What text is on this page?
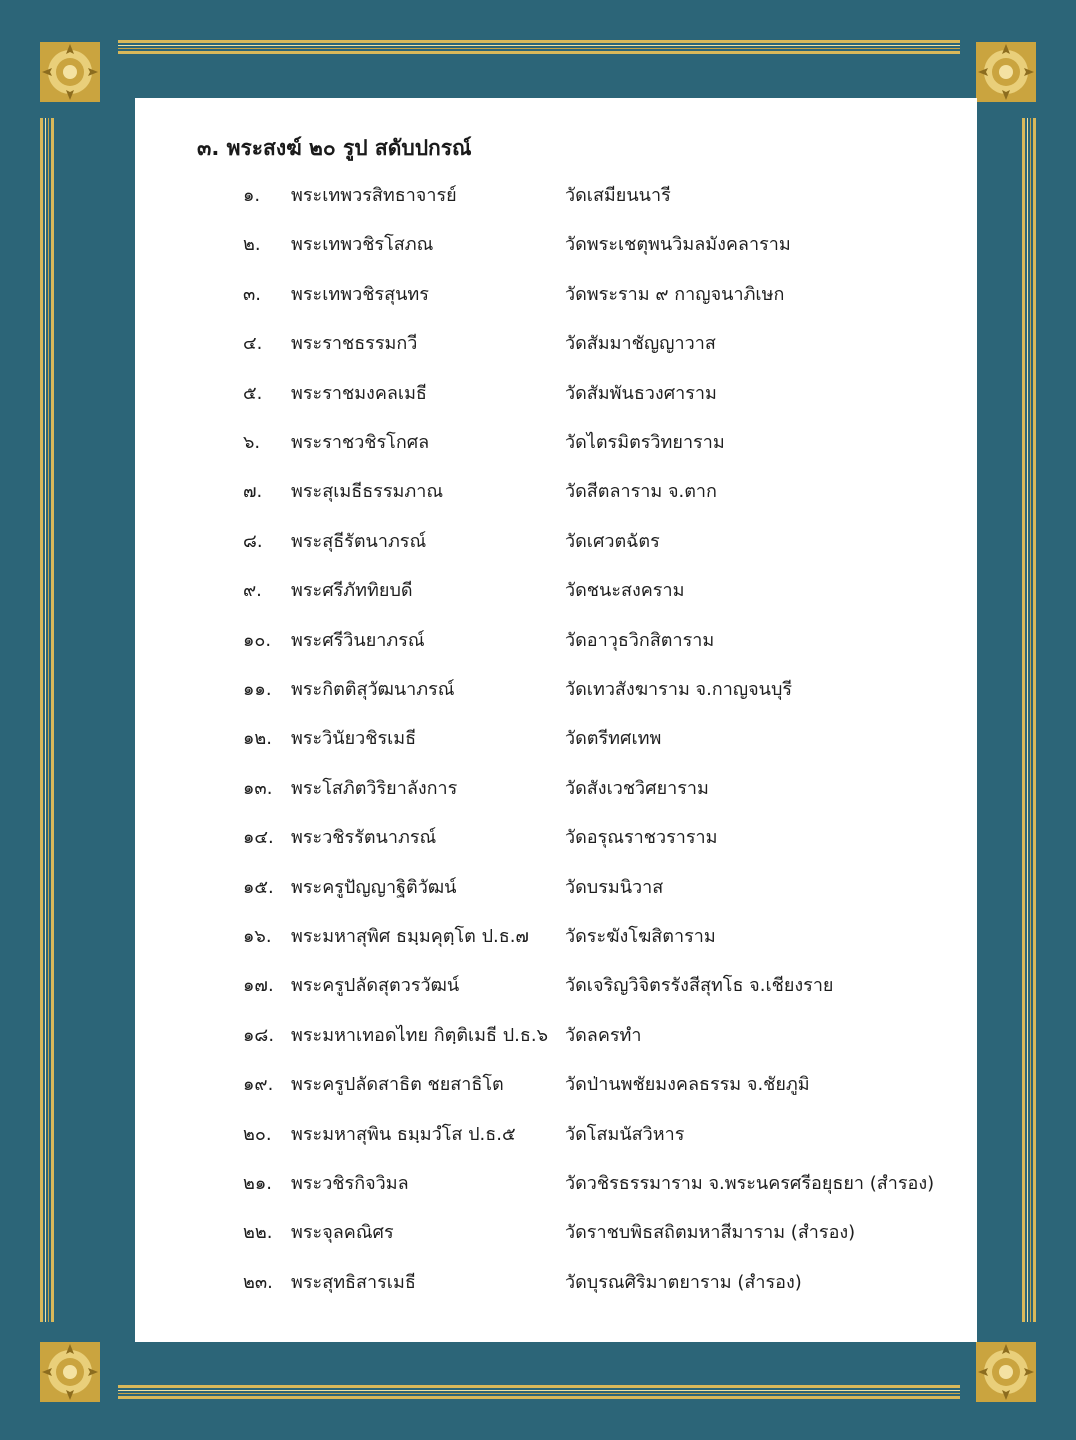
๓. พระสงฆ์ ๒๐ รูป สดับปกรณ์
๑. พระเทพวรสิทธาจารย์	วัดเสมียนนารี
๒. พระเทพวชิรโสภณ	วัดพระเชตุพนวิมลมังคลาราม
๓. พระเทพวชิรสุนทร	วัดพระราม ๙ กาญจนาภิเษก
๔. พระราชธรรมกวี	วัดสัมมาชัญญาวาส
๕. พระราชมงคลเมธี	วัดสัมพันธวงศาราม
๖. พระราชวชิรโกศล	วัดไตรมิตรวิทยาราม
๗. พระสุเมธีธรรมภาณ	วัดสีตลาราม จ.ตาก
๘. พระสุธีรัตนาภรณ์	วัดเศวตฉัตร
๙. พระศรีภัททิยบดี	วัดชนะสงคราม
๑๐. พระศรีวินยาภรณ์	วัดอาวุธวิกสิตาราม
๑๑. พระกิตติสุวัฒนาภรณ์	วัดเทวสังฆาราม จ.กาญจนบุรี
๑๒. พระวินัยวชิรเมธี	วัดตรีทศเทพ
๑๓. พระโสภิตวิริยาลังการ	วัดสังเวชวิศยาราม
๑๔. พระวชิรรัตนาภรณ์	วัดอรุณราชวราราม
๑๕. พระครูปัญญาฐิติวัฒน์	วัดบรมนิวาส
๑๖. พระมหาสุพิศ ธมฺมคุตฺโต ป.ธ.๗ วัดระฆังโฆสิตาราม
๑๗. พระครูปลัดสุตวรวัฒน์	วัดเจริญวิจิตรรังสีสุทโธ จ.เชียงราย
๑๘. พระมหาเทอดไทย กิตฺติเมธี ป.ธ.๖ วัดลครทำ
๑๙. พระครูปลัดสาธิต ชยสาธิโต	วัดป่านพชัยมงคลธรรม จ.ชัยภูมิ
๒๐. พระมหาสุพิน ธมฺมวํโส ป.ธ.๕	วัดโสมนัสวิหาร
๒๑. พระวชิรกิจวิมล	วัดวชิรธรรมาราม จ.พระนครศรีอยุธยา (สำรอง)
๒๒. พระจุลคณิศร	วัดราชบพิธสถิตมหาสีมาราม (สำรอง)
๒๓. พระสุทธิสารเมธี	วัดบุรณศิริมาตยาราม (สำรอง)
